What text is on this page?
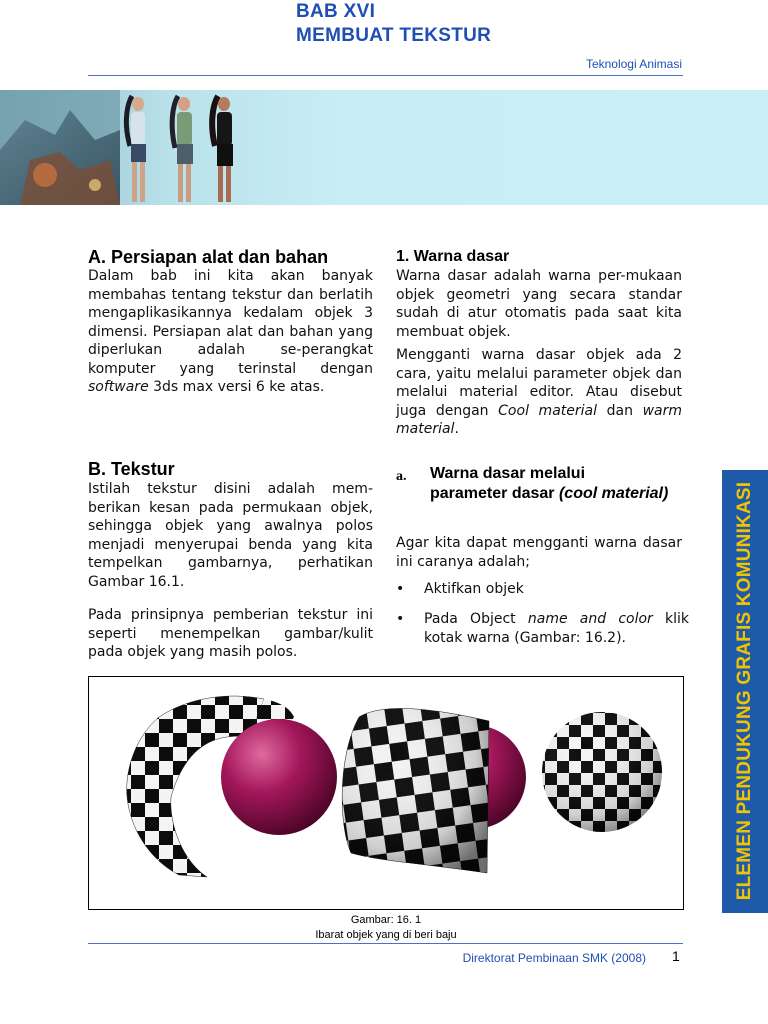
BAB XVI
MEMBUAT TEKSTUR
Teknologi Animasi
A. Persiapan alat dan bahan

Dalam bab ini kita akan banyak membahas tentang tekstur dan berlatih mengaplikasikannya kedalam objek 3 dimensi. Persiapan alat dan bahan yang diperlukan adalah se-perangkat komputer yang terinstal dengan software 3ds max versi 6 ke atas.

B. Tekstur

Istilah tekstur disini adalah mem-berikan kesan pada permukaan objek, sehingga objek yang awalnya polos menjadi menyerupai benda yang kita tempelkan gambarnya, perhatikan Gambar 16.1.

Pada prinsipnya pemberian tekstur ini seperti menempelkan gambar/kulit pada objek yang masih polos.

1. Warna dasar

Warna dasar adalah warna per-mukaan objek geometri yang secara standar sudah di atur otomatis pada saat kita membuat objek.

Mengganti warna dasar objek ada 2 cara, yaitu melalui parameter objek dan melalui material editor. Atau disebut juga dengan Cool material dan warm material.

a. Warna dasar melalui
parameter dasar (cool material)

Agar kita dapat mengganti warna dasar ini caranya adalah;

• Aktifkan objek
• Pada Object name and color klik kotak warna (Gambar: 16.2).
Gambar: 16. 1
Ibarat objek yang di beri baju
ELEMEN PENDUKUNG GRAFIS KOMUNIKASI
Direktorat Pembinaan SMK (2008) 1
